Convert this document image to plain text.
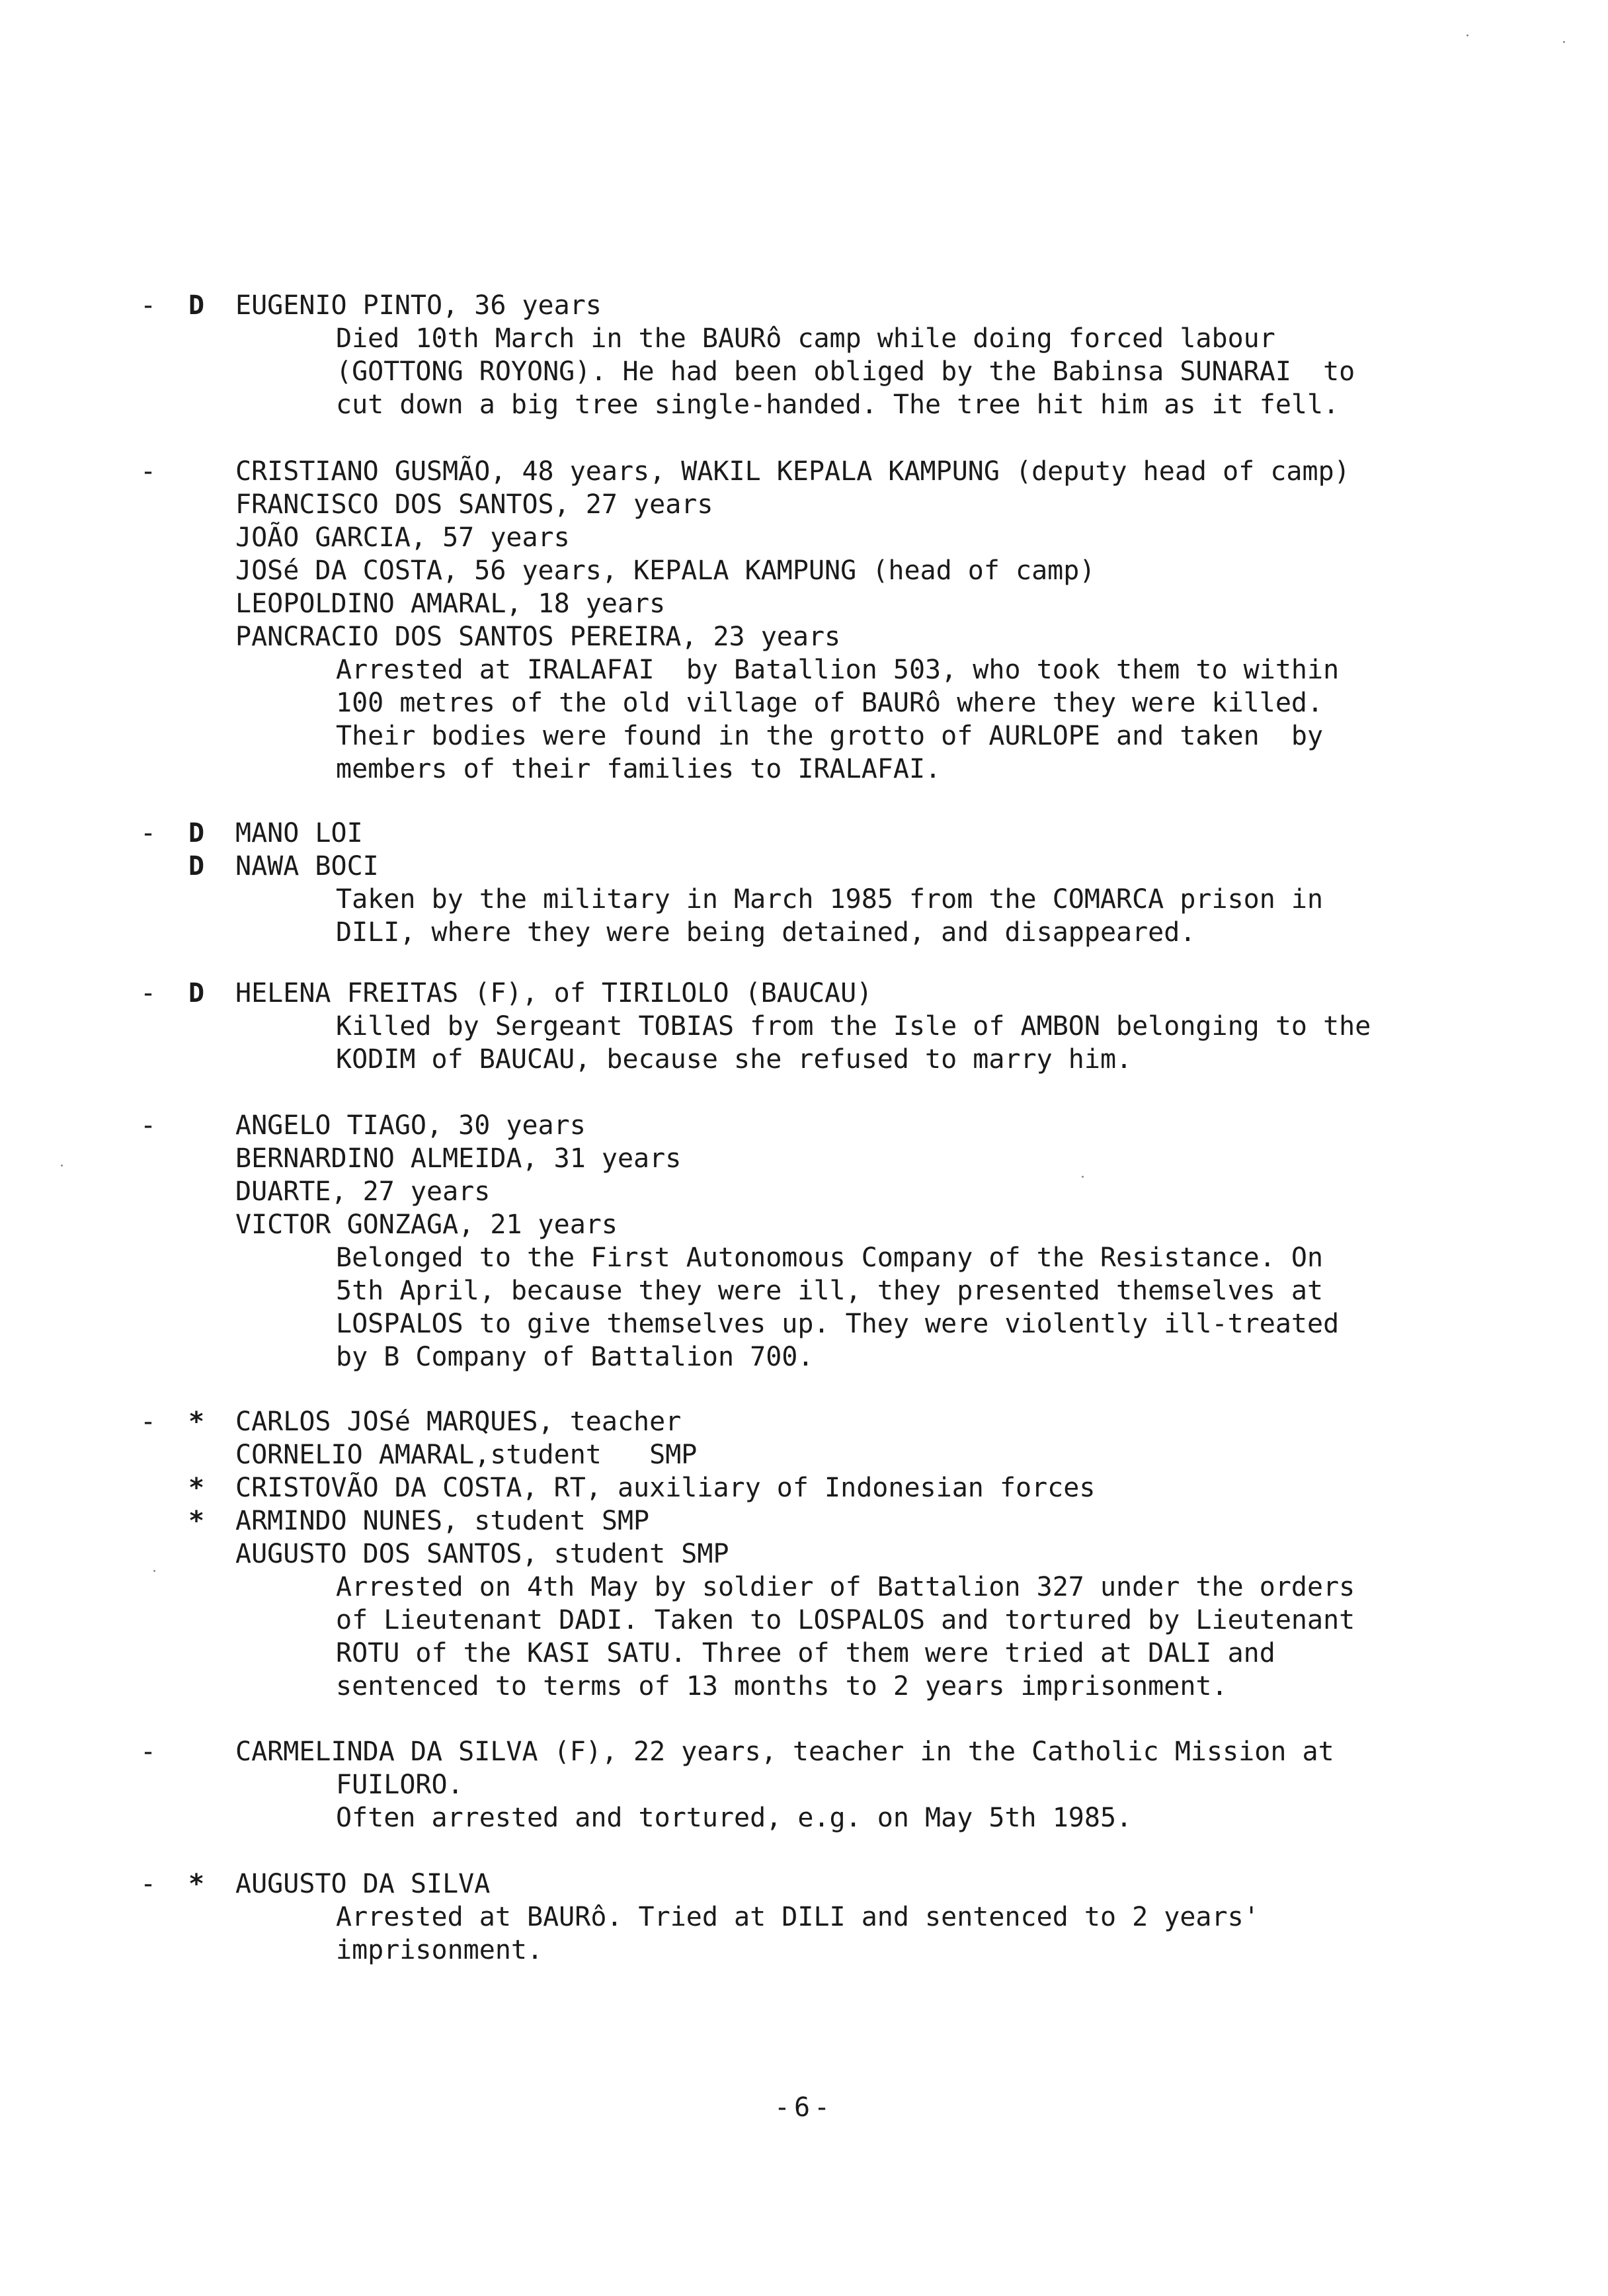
- D EUGENIO PINTO, 36 years
Died 10th March in the BAURô camp while doing forced labour
(GOTTONG ROYONG). He had been obliged by the Babinsa SUNARAI  to
cut down a big tree single-handed. The tree hit him as it fell.
-	CRISTIANO GUSMÃO, 48 years, WAKIL KEPALA KAMPUNG (deputy head of camp)
FRANCISCO DOS SANTOS, 27 years
JOÃO GARCIA, 57 years
JOSé DA COSTA, 56 years, KEPALA KAMPUNG (head of camp)
LEOPOLDINO AMARAL, 18 years
PANCRACIO DOS SANTOS PEREIRA, 23 years
Arrested at IRALAFAI  by Batallion 503, who took them to within
100 metres of the old village of BAURô where they were killed.
Their bodies were found in the grotto of AURLOPE and taken  by
members of their families to IRALAFAI.
- D MANO LOI
D NAWA BOCI
Taken by the military in March 1985 from the COMARCA prison in
DILI, where they were being detained, and disappeared.
- D HELENA FREITAS (F), of TIRILOLO (BAUCAU)
Killed by Sergeant TOBIAS from the Isle of AMBON belonging to the
KODIM of BAUCAU, because she refused to marry him.
-	ANGELO TIAGO, 30 years
BERNARDINO ALMEIDA, 31 years
DUARTE, 27 years
VICTOR GONZAGA, 21 years
Belonged to the First Autonomous Company of the Resistance. On
5th April, because they were ill, they presented themselves at
LOSPALOS to give themselves up. They were violently ill-treated
by B Company of Battalion 700.
- * CARLOS JOSé MARQUES, teacher
CORNELIO AMARAL,student   SMP
* CRISTOVÃO DA COSTA, RT, auxiliary of Indonesian forces
* ARMINDO NUNES, student SMP
AUGUSTO DOS SANTOS, student SMP
Arrested on 4th May by soldier of Battalion 327 under the orders
of Lieutenant DADI. Taken to LOSPALOS and tortured by Lieutenant
ROTU of the KASI SATU. Three of them were tried at DALI and
sentenced to terms of 13 months to 2 years imprisonment.
-	CARMELINDA DA SILVA (F), 22 years, teacher in the Catholic Mission at
FUILORO.
Often arrested and tortured, e.g. on May 5th 1985.
- * AUGUSTO DA SILVA
Arrested at BAURô. Tried at DILI and sentenced to 2 years'
imprisonment.
-6-
